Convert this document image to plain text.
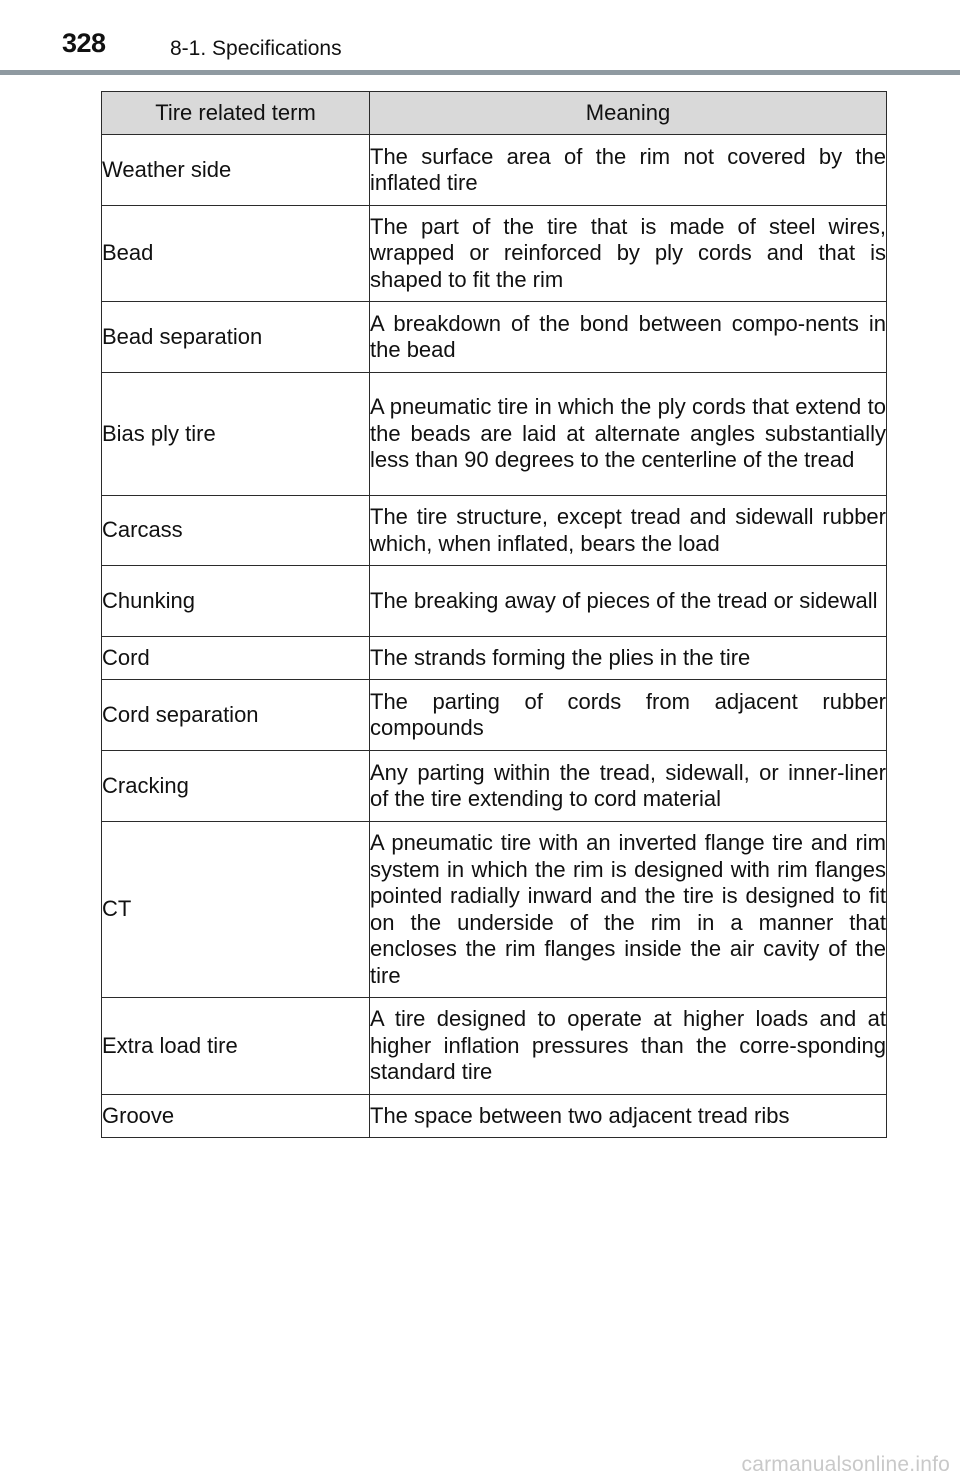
328	8-1. Specifications
Tire related term	Meaning
Weather side	The surface area of the rim not covered by the inflated tire
Bead	The part of the tire that is made of steel wires, wrapped or reinforced by ply cords and that is shaped to fit the rim
Bead separation	A breakdown of the bond between compo-nents in the bead
Bias ply tire	A pneumatic tire in which the ply cords that extend to the beads are laid at alternate angles substantially less than 90 degrees to the centerline of the tread
Carcass	The tire structure, except tread and sidewall rubber which, when inflated, bears the load
Chunking	The breaking away of pieces of the tread or sidewall
Cord	The strands forming the plies in the tire
Cord separation	The parting of cords from adjacent rubber compounds
Cracking	Any parting within the tread, sidewall, or inner-liner of the tire extending to cord material
CT	A pneumatic tire with an inverted flange tire and rim system in which the rim is designed with rim flanges pointed radially inward and the tire is designed to fit on the underside of the rim in a manner that encloses the rim flanges inside the air cavity of the tire
Extra load tire	A tire designed to operate at higher loads and at higher inflation pressures than the corre-sponding standard tire
Groove	The space between two adjacent tread ribs
carmanualsonline.info
